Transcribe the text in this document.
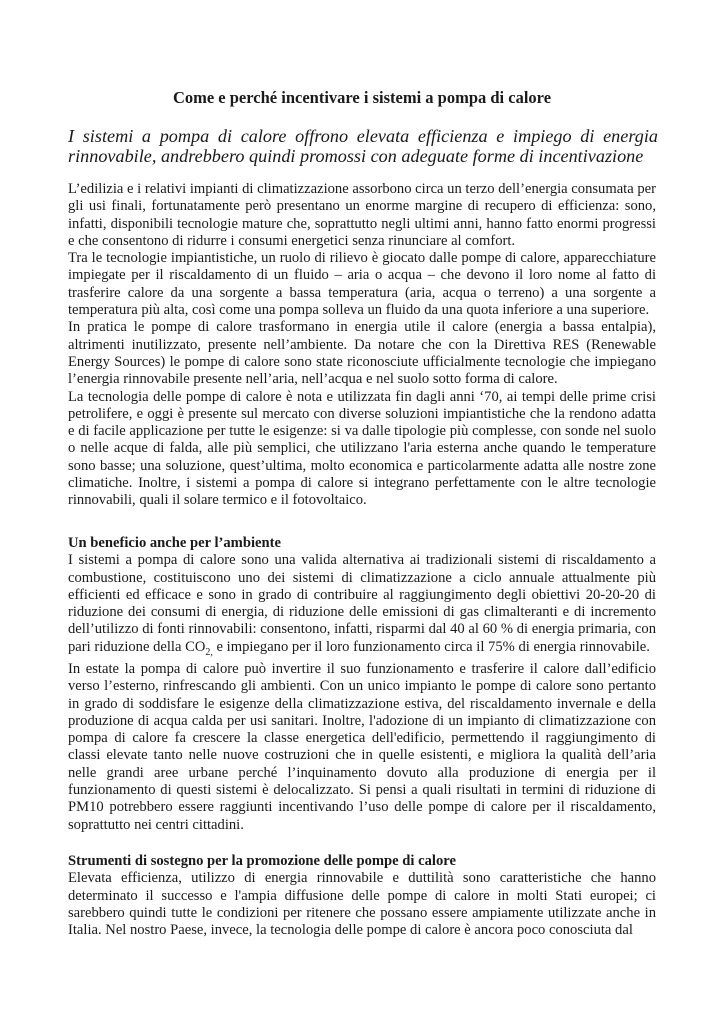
Come e perché incentivare i sistemi a pompa di calore

I sistemi a pompa di calore offrono elevata efficienza e impiego di energia rinnovabile, andrebbero quindi promossi con adeguate forme di incentivazione

L’edilizia e i relativi impianti di climatizzazione assorbono circa un terzo dell’energia consumata per gli usi finali, fortunatamente però presentano un enorme margine di recupero di efficienza: sono, infatti, disponibili tecnologie mature che, soprattutto negli ultimi anni, hanno fatto enormi progressi e che consentono di ridurre i consumi energetici senza rinunciare al comfort.

Tra le tecnologie impiantistiche, un ruolo di rilievo è giocato dalle pompe di calore, apparecchiature impiegate per il riscaldamento di un fluido – aria o acqua – che devono il loro nome al fatto di trasferire calore da una sorgente a bassa temperatura (aria, acqua o terreno) a una sorgente a temperatura più alta, così come una pompa solleva un fluido da una quota inferiore a una superiore.

In pratica le pompe di calore trasformano in energia utile il calore (energia a bassa entalpia), altrimenti inutilizzato, presente nell’ambiente. Da notare che con la Direttiva RES (Renewable Energy Sources) le pompe di calore sono state riconosciute ufficialmente tecnologie che impiegano l’energia rinnovabile presente nell’aria, nell’acqua e nel suolo sotto forma di calore.

La tecnologia delle pompe di calore è nota e utilizzata fin dagli anni ‘70, ai tempi delle prime crisi petrolifere, e oggi è presente sul mercato con diverse soluzioni impiantistiche che la rendono adatta e di facile applicazione per tutte le esigenze: si va dalle tipologie più complesse, con sonde nel suolo o nelle acque di falda, alle più semplici, che utilizzano l'aria esterna anche quando le temperature sono basse; una soluzione, quest’ultima, molto economica e particolarmente adatta alle nostre zone climatiche. Inoltre, i sistemi a pompa di calore si integrano perfettamente con le altre tecnologie rinnovabili, quali il solare termico e il fotovoltaico.

Un beneficio anche per l’ambiente

I sistemi a pompa di calore sono una valida alternativa ai tradizionali sistemi di riscaldamento a combustione, costituiscono uno dei sistemi di climatizzazione a ciclo annuale attualmente più efficienti ed efficace e sono in grado di contribuire al raggiungimento degli obiettivi 20-20-20 di riduzione dei consumi di energia, di riduzione delle emissioni di gas climalteranti e di incremento dell’utilizzo di fonti rinnovabili: consentono, infatti, risparmi dal 40 al 60 % di energia primaria, con pari riduzione della $CO_{2,}$ e impiegano per il loro funzionamento circa il 75% di energia rinnovabile.

In estate la pompa di calore può invertire il suo funzionamento e trasferire il calore dall’edificio verso l’esterno, rinfrescando gli ambienti. Con un unico impianto le pompe di calore sono pertanto in grado di soddisfare le esigenze della climatizzazione estiva, del riscaldamento invernale e della produzione di acqua calda per usi sanitari. Inoltre, l'adozione di un impianto di climatizzazione con pompa di calore fa crescere la classe energetica dell'edificio, permettendo il raggiungimento di classi elevate tanto nelle nuove costruzioni che in quelle esistenti, e migliora la qualità dell’aria nelle grandi aree urbane perché l’inquinamento dovuto alla produzione di energia per il funzionamento di questi sistemi è delocalizzato. Si pensi a quali risultati in termini di riduzione di PM10 potrebbero essere raggiunti incentivando l’uso delle pompe di calore per il riscaldamento, soprattutto nei centri cittadini.

Strumenti di sostegno per la promozione delle pompe di calore

Elevata efficienza, utilizzo di energia rinnovabile e duttilità sono caratteristiche che hanno determinato il successo e l'ampia diffusione delle pompe di calore in molti Stati europei; ci sarebbero quindi tutte le condizioni per ritenere che possano essere ampiamente utilizzate anche in Italia. Nel nostro Paese, invece, la tecnologia delle pompe di calore è ancora poco conosciuta dal
